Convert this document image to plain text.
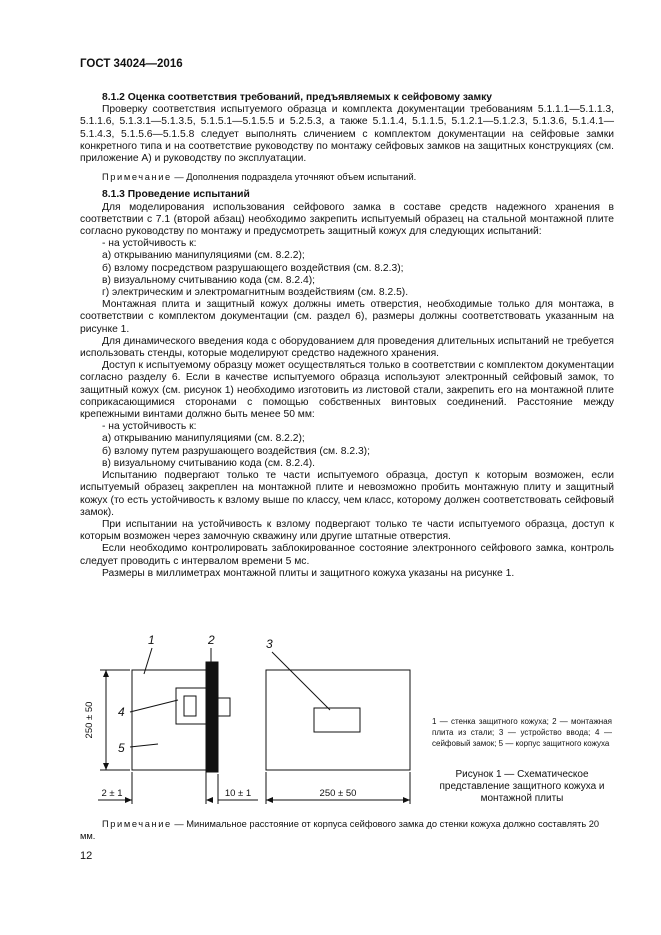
ГОСТ 34024—2016
8.1.2 Оценка соответствия требований, предъявляемых к сейфовому замку
Проверку соответствия испытуемого образца и комплекта документации требованиям 5.1.1.1—5.1.1.3, 5.1.1.6, 5.1.3.1—5.1.3.5, 5.1.5.1—5.1.5.5 и 5.2.5.3, а также 5.1.1.4, 5.1.1.5, 5.1.2.1—5.1.2.3, 5.1.3.6, 5.1.4.1—5.1.4.3, 5.1.5.6—5.1.5.8 следует выполнять сличением с комплектом документации на сейфовые замки конкретного типа и на соответствие руководству по монтажу сейфовых замков на защитных конструкциях (см. приложение А) и руководству по эксплуатации.
Примечание — Дополнения подраздела уточняют объем испытаний.
8.1.3 Проведение испытаний
Для моделирования использования сейфового замка в составе средств надежного хранения в соответствии с 7.1 (второй абзац) необходимо закрепить испытуемый образец на стальной монтажной плите согласно руководству по монтажу и предусмотреть защитный кожух для следующих испытаний:
- на устойчивость к:
а) открыванию манипуляциями (см. 8.2.2);
б) взлому посредством разрушающего воздействия (см. 8.2.3);
в) визуальному считыванию кода (см. 8.2.4);
г) электрическим и электромагнитным воздействиям (см. 8.2.5).
Монтажная плита и защитный кожух должны иметь отверстия, необходимые только для монтажа, в соответствии с комплектом документации (см. раздел 6), размеры должны соответствовать указанным на рисунке 1.
Для динамического введения кода с оборудованием для проведения длительных испытаний не требуется использовать стенды, которые моделируют средство надежного хранения.
Доступ к испытуемому образцу может осуществляться только в соответствии с комплектом документации согласно разделу 6. Если в качестве испытуемого образца используют электронный сейфовый замок, то защитный кожух (см. рисунок 1) необходимо изготовить из листовой стали, закрепить его на монтажной плите соприкасающимися сторонами с помощью собственных винтовых соединений. Расстояние между крепежными винтами должно быть менее 50 мм:
- на устойчивость к:
а) открыванию манипуляциями (см. 8.2.2);
б) взлому путем разрушающего воздействия (см. 8.2.3);
в) визуальному считыванию кода (см. 8.2.4).
Испытанию подвергают только те части испытуемого образца, доступ к которым возможен, если испытуемый образец закреплен на монтажной плите и невозможно пробить монтажную плиту и защитный кожух (то есть устойчивость к взлому выше по классу, чем класс, которому должен соответствовать сейфовый замок).
При испытании на устойчивость к взлому подвергают только те части испытуемого образца, доступ к которым возможен через замочную скважину или другие штатные отверстия.
Если необходимо контролировать заблокированное состояние электронного сейфового замка, контроль следует проводить с интервалом времени 5 мс.
Размеры в миллиметрах монтажной плиты и защитного кожуха указаны на рисунке 1.
1	2	3
4
5
250 ± 50
2 ± 1	10 ± 1	250 ± 50
1 — стенка защитного кожуха; 2 — монтажная плита из стали; 3 — устройство ввода; 4 — сейфовый замок; 5 — корпус защитного кожуха
Рисунок 1 — Схематическое представление защитного кожуха и монтажной плиты
Примечание — Минимальное расстояние от корпуса сейфового замка до стенки кожуха должно составлять 20 мм.
12
